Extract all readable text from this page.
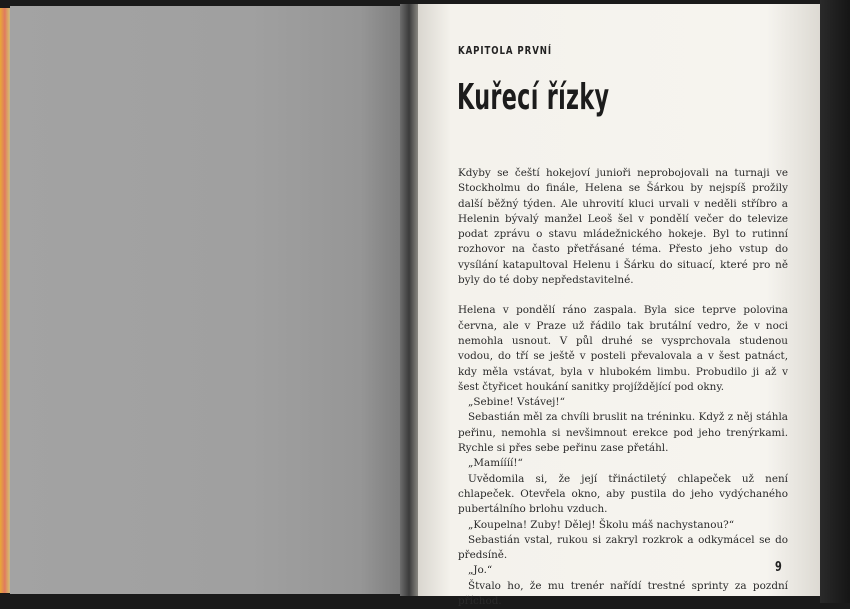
KAPITOLA PRVNÍ
Kuřecí řízky

Kdyby se čeští hokejoví junioři neprobojovali na turnaji ve Stockholmu do finále, Helena se Šárkou by nejspíš prožily další běžný týden. Ale uhrovití kluci urvali v neděli stříbro a Helenin bývalý manžel Leoš šel v pondělí večer do televize podat zprávu o stavu mládežnického hokeje. Byl to rutinní rozhovor na často přetřásané téma. Přesto jeho vstup do vysílání katapultoval Helenu i Šárku do situací, které pro ně byly do té doby nepředstavitelné.

Helena v pondělí ráno zaspala. Byla sice teprve polovina června, ale v Praze už řádilo tak brutální vedro, že v noci nemohla usnout. V půl druhé se vysprchovala studenou vodou, do tří se ještě v posteli převalovala a v šest patnáct, kdy měla vstávat, byla v hlubokém limbu. Probudilo ji až v šest čtyřicet houkání sanitky projíždějící pod okny.

„Sebine! Vstávej!“

Sebastián měl za chvíli bruslit na tréninku. Když z něj stáhla peřinu, nemohla si nevšimnout erekce pod jeho trenýrkami. Rychle si přes sebe peřinu zase přetáhl.

„Mamíííí!“

Uvědomila si, že její třináctiletý chlapeček už není chlapeček. Otevřela okno, aby pustila do jeho vydýchaného pubertálního brlohu vzduch.

„Koupelna! Zuby! Dělej! Školu máš nachystanou?“

Sebastián vstal, rukou si zakryl rozkrok a odkymácel se do předsíně.

„Jo.“

Štvalo ho, že mu trenér nařídí trestné sprinty za pozdní příchod.

9
